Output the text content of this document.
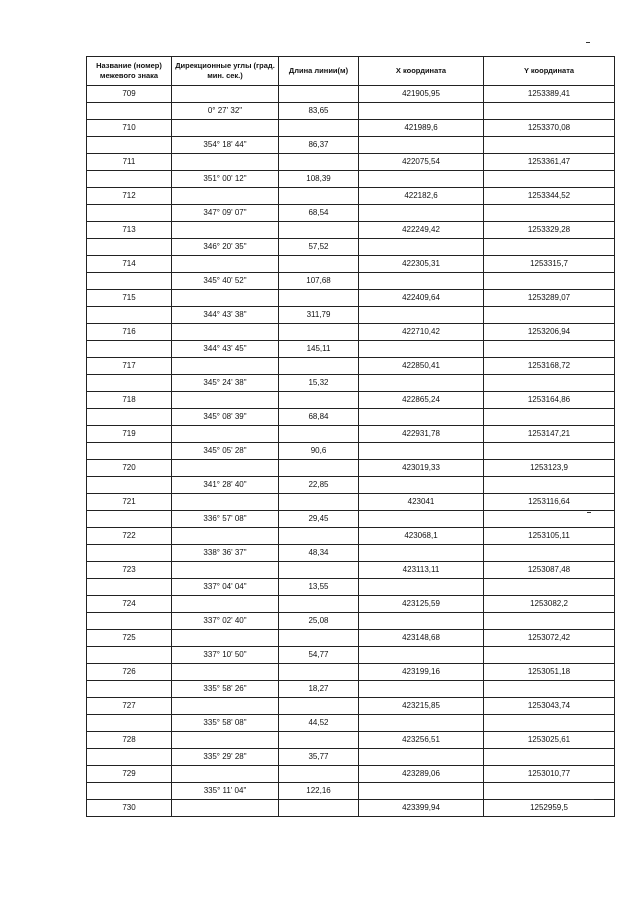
Название (номер) межевого знака	Дирекционные углы (град. мин. сек.)	Длина линии(м)	X координата	Y координата
709			421905,95	1253389,41
	0° 27' 32"	83,65		
710			421989,6	1253370,08
	354° 18' 44"	86,37		
711			422075,54	1253361,47
	351° 00' 12"	108,39		
712			422182,6	1253344,52
	347° 09' 07"	68,54		
713			422249,42	1253329,28
	346° 20' 35"	57,52		
714			422305,31	1253315,7
	345° 40' 52"	107,68		
715			422409,64	1253289,07
	344° 43' 38"	311,79		
716			422710,42	1253206,94
	344° 43' 45"	145,11		
717			422850,41	1253168,72
	345° 24' 38"	15,32		
718			422865,24	1253164,86
	345° 08' 39"	68,84		
719			422931,78	1253147,21
	345° 05' 28"	90,6		
720			423019,33	1253123,9
	341° 28' 40"	22,85		
721			423041	1253116,64
	336° 57' 08"	29,45		
722			423068,1	1253105,11
	338° 36' 37"	48,34		
723			423113,11	1253087,48
	337° 04' 04"	13,55		
724			423125,59	1253082,2
	337° 02' 40"	25,08		
725			423148,68	1253072,42
	337° 10' 50"	54,77		
726			423199,16	1253051,18
	335° 58' 26"	18,27		
727			423215,85	1253043,74
	335° 58' 08"	44,52		
728			423256,51	1253025,61
	335° 29' 28"	35,77		
729			423289,06	1253010,77
	335° 11' 04"	122,16		
730			423399,94	1252959,5
